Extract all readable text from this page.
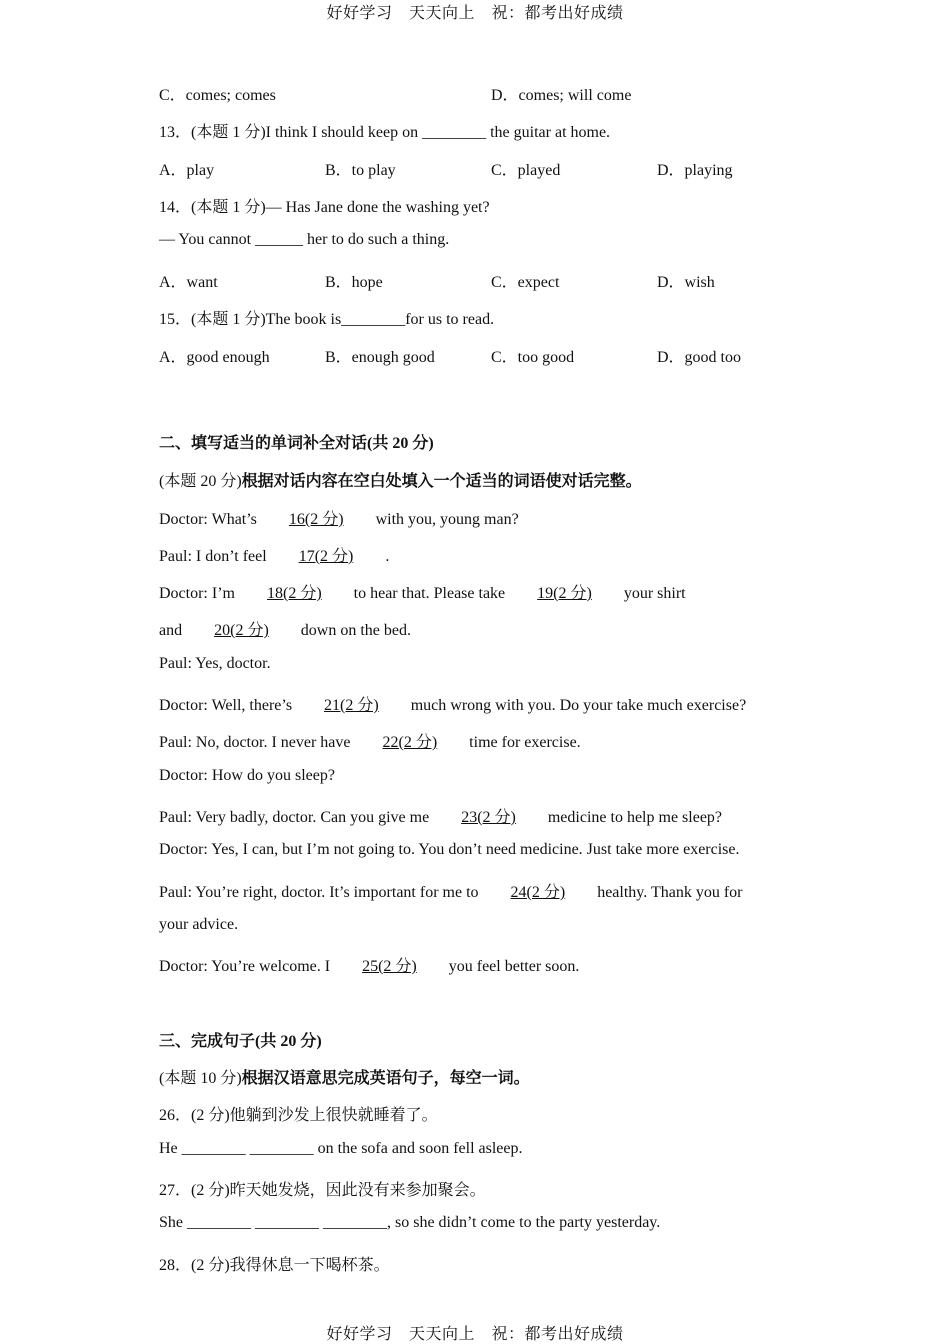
好好学习　天天向上　祝：都考出好成绩
C．comes; comes	D．comes; will come
13．(本题 1 分)I think I should keep on ________ the guitar at home.
A．play	B．to play	C．played	D．playing
14．(本题 1 分)— Has Jane done the washing yet?
— You cannot ______ her to do such a thing.
A．want	B．hope	C．expect	D．wish
15．(本题 1 分)The book is________for us to read.
A．good enough	B．enough good	C．too good	D．good too
二、填写适当的单词补全对话(共 20 分)
(本题 20 分)根据对话内容在空白处填入一个适当的词语使对话完整。
Doctor: What’s 16(2 分) with you, young man?
Paul: I don’t feel 17(2 分) .
Doctor: I’m 18(2 分) to hear that. Please take 19(2 分) your shirt
and 20(2 分) down on the bed.
Paul: Yes, doctor.
Doctor: Well, there’s 21(2 分) much wrong with you. Do your take much exercise?
Paul: No, doctor. I never have 22(2 分) time for exercise.
Doctor: How do you sleep?
Paul: Very badly, doctor. Can you give me 23(2 分) medicine to help me sleep?
Doctor: Yes, I can, but I’m not going to. You don’t need medicine. Just take more exercise.
Paul: You’re right, doctor. It’s important for me to 24(2 分) healthy. Thank you for
your advice.
Doctor: You’re welcome. I 25(2 分) you feel better soon.
三、完成句子(共 20 分)
(本题 10 分)根据汉语意思完成英语句子，每空一词。
26．(2 分)他躺到沙发上很快就睡着了。
He ________ ________ on the sofa and soon fell asleep.
27．(2 分)昨天她发烧，因此没有来参加聚会。
She ________ ________ ________, so she didn’t come to the party yesterday.
28．(2 分)我得休息一下喝杯茶。
好好学习　天天向上　祝：都考出好成绩
